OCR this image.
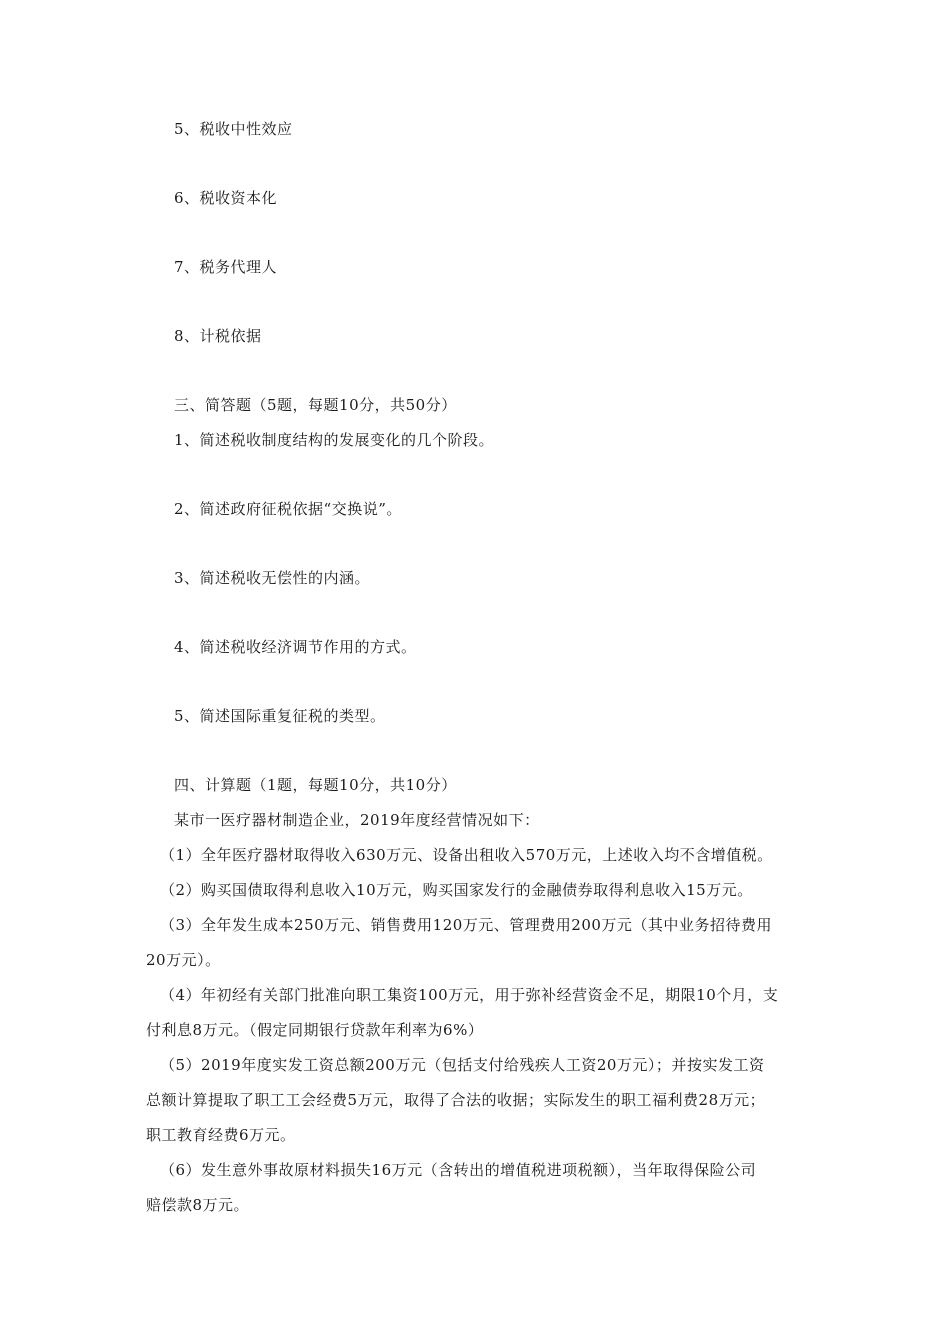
5、税收中性效应
6、税收资本化
7、税务代理人
8、计税依据
三、简答题（5题，每题10分，共50分）
1、简述税收制度结构的发展变化的几个阶段。
2、简述政府征税依据“交换说”。
3、简述税收无偿性的内涵。
4、简述税收经济调节作用的方式。
5、简述国际重复征税的类型。
四、计算题（1题，每题10分，共10分）
某市一医疗器材制造企业，2019年度经营情况如下：
（1）全年医疗器材取得收入630万元、设备出租收入570万元，上述收入均不含增值税。
（2）购买国债取得利息收入10万元，购买国家发行的金融债券取得利息收入15万元。
（3）全年发生成本250万元、销售费用120万元、管理费用200万元（其中业务招待费用
20万元）。
（4）年初经有关部门批准向职工集资100万元，用于弥补经营资金不足，期限10个月，支
付利息8万元。（假定同期银行贷款年利率为6%）
（5）2019年度实发工资总额200万元（包括支付给残疾人工资20万元）；并按实发工资
总额计算提取了职工工会经费5万元，取得了合法的收据；实际发生的职工福利费28万元；
职工教育经费6万元。
（6）发生意外事故原材料损失16万元（含转出的增值税进项税额），当年取得保险公司
赔偿款8万元。
